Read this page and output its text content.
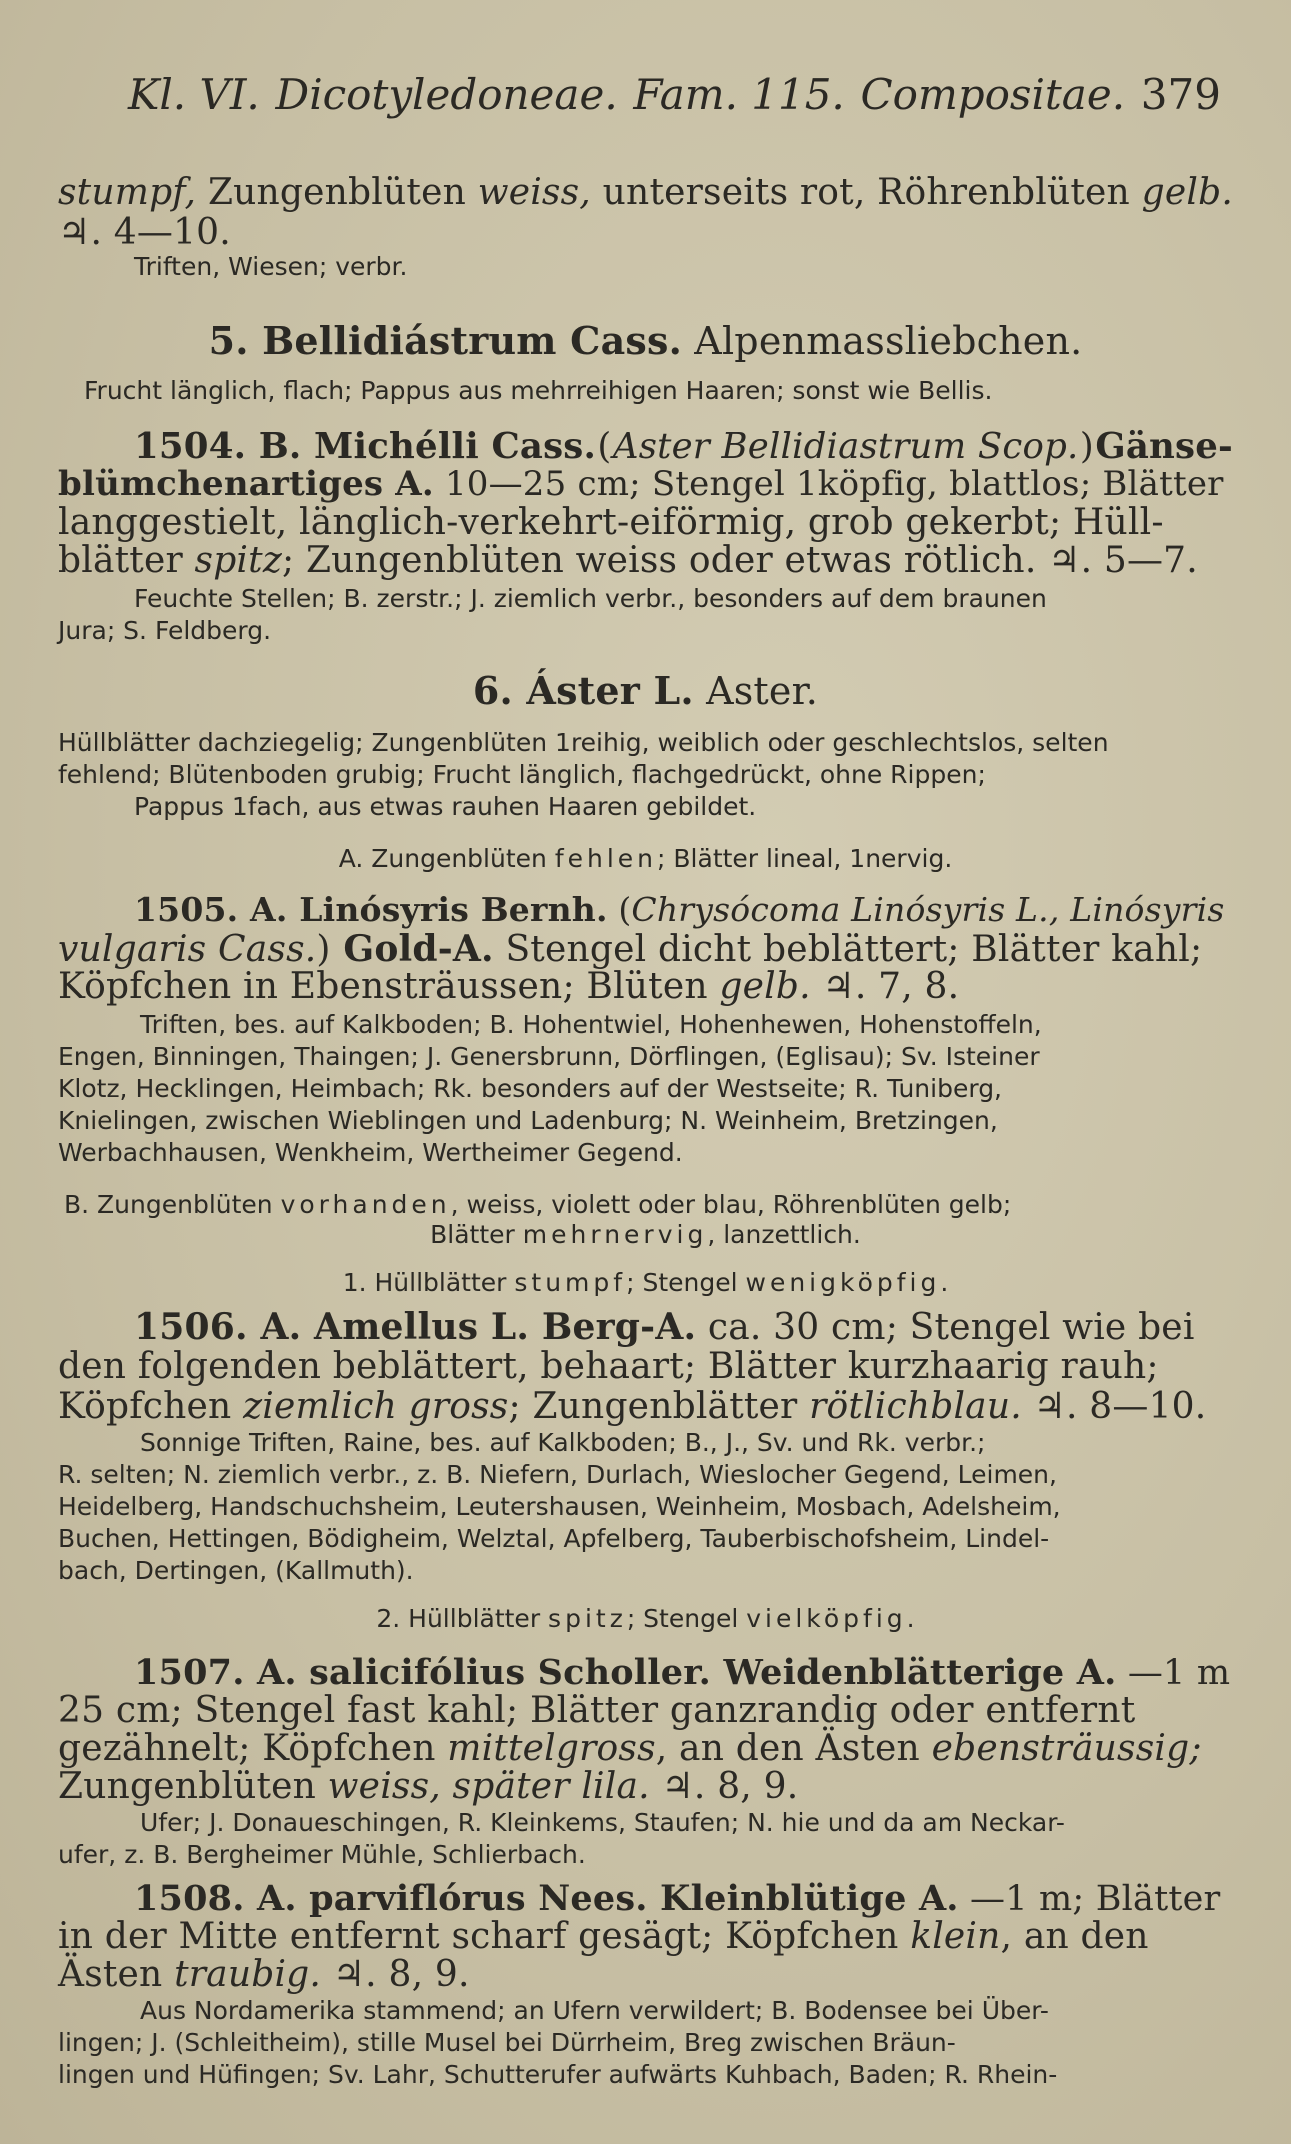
Kl. VI. Dicotyledoneae. Fam. 115. Compositae. 379

stumpf, Zungenblüten weiss, unterseits rot, Röhrenblüten gelb.

♃. 4—10.

Triften, Wiesen; verbr.

5. Bellidiástrum Cass. Alpenmassliebchen.

Frucht länglich, flach; Pappus aus mehrreihigen Haaren; sonst wie Bellis.

1504. B. Michélli Cass. ( Aster Bellidiastrum Scop. ) Gänse-

blümchenartiges A. 10—25 cm; Stengel 1köpfig, blattlos; Blätter

langgestielt, länglich-verkehrt-eiförmig, grob gekerbt; Hüll-

blätter spitz; Zungenblüten weiss oder etwas rötlich. ♃. 5—7.

Feuchte Stellen; B. zerstr.; J. ziemlich verbr., besonders auf dem braunen

Jura; S. Feldberg.

6. Áster L. Aster.

Hüllblätter dachziegelig; Zungenblüten 1reihig, weiblich oder geschlechtslos, selten

fehlend; Blütenboden grubig; Frucht länglich, flachgedrückt, ohne Rippen;

Pappus 1fach, aus etwas rauhen Haaren gebildet.

A. Zungenblüten fehlen; Blätter lineal, 1nervig.

1505. A. Linósyris Bernh. (Chrysócoma Linósyris L., Linósyris

vulgaris Cass.) Gold-A. Stengel dicht beblättert; Blätter kahl;

Köpfchen in Ebensträussen; Blüten gelb. ♃. 7, 8.

Triften, bes. auf Kalkboden; B. Hohentwiel, Hohenhewen, Hohenstoffeln,

Engen, Binningen, Thaingen; J. Genersbrunn, Dörflingen, (Eglisau); Sv. Isteiner

Klotz, Hecklingen, Heimbach; Rk. besonders auf der Westseite; R. Tuniberg,

Knielingen, zwischen Wieblingen und Ladenburg; N. Weinheim, Bretzingen,

Werbachhausen, Wenkheim, Wertheimer Gegend.

B. Zungenblüten vorhanden, weiss, violett oder blau, Röhrenblüten gelb;

Blätter mehrnervig, lanzettlich.

1. Hüllblätter stumpf; Stengel wenigköpfig.

1506. A. Amellus L. Berg-A. ca. 30 cm; Stengel wie bei

den folgenden beblättert, behaart; Blätter kurzhaarig rauh;

Köpfchen ziemlich gross; Zungenblätter rötlichblau. ♃. 8—10.

Sonnige Triften, Raine, bes. auf Kalkboden; B., J., Sv. und Rk. verbr.;

R. selten; N. ziemlich verbr., z. B. Niefern, Durlach, Wieslocher Gegend, Leimen,

Heidelberg, Handschuchsheim, Leutershausen, Weinheim, Mosbach, Adelsheim,

Buchen, Hettingen, Bödigheim, Welztal, Apfelberg, Tauberbischofsheim, Lindel-

bach, Dertingen, (Kallmuth).

2. Hüllblätter spitz; Stengel vielköpfig.

1507. A. salicifólius Scholler. Weidenblätterige A. —1 m

25 cm; Stengel fast kahl; Blätter ganzrandig oder entfernt

gezähnelt; Köpfchen mittelgross, an den Ästen ebensträussig;

Zungenblüten weiss, später lila. ♃. 8, 9.

Ufer; J. Donaueschingen, R. Kleinkems, Staufen; N. hie und da am Neckar-

ufer, z. B. Bergheimer Mühle, Schlierbach.

1508. A. parviflórus Nees. Kleinblütige A. —1 m; Blätter

in der Mitte entfernt scharf gesägt; Köpfchen klein, an den

Ästen traubig. ♃. 8, 9.

Aus Nordamerika stammend; an Ufern verwildert; B. Bodensee bei Über-

lingen; J. (Schleitheim), stille Musel bei Dürrheim, Breg zwischen Bräun-

lingen und Hüfingen; Sv. Lahr, Schutterufer aufwärts Kuhbach, Baden; R. Rhein-
